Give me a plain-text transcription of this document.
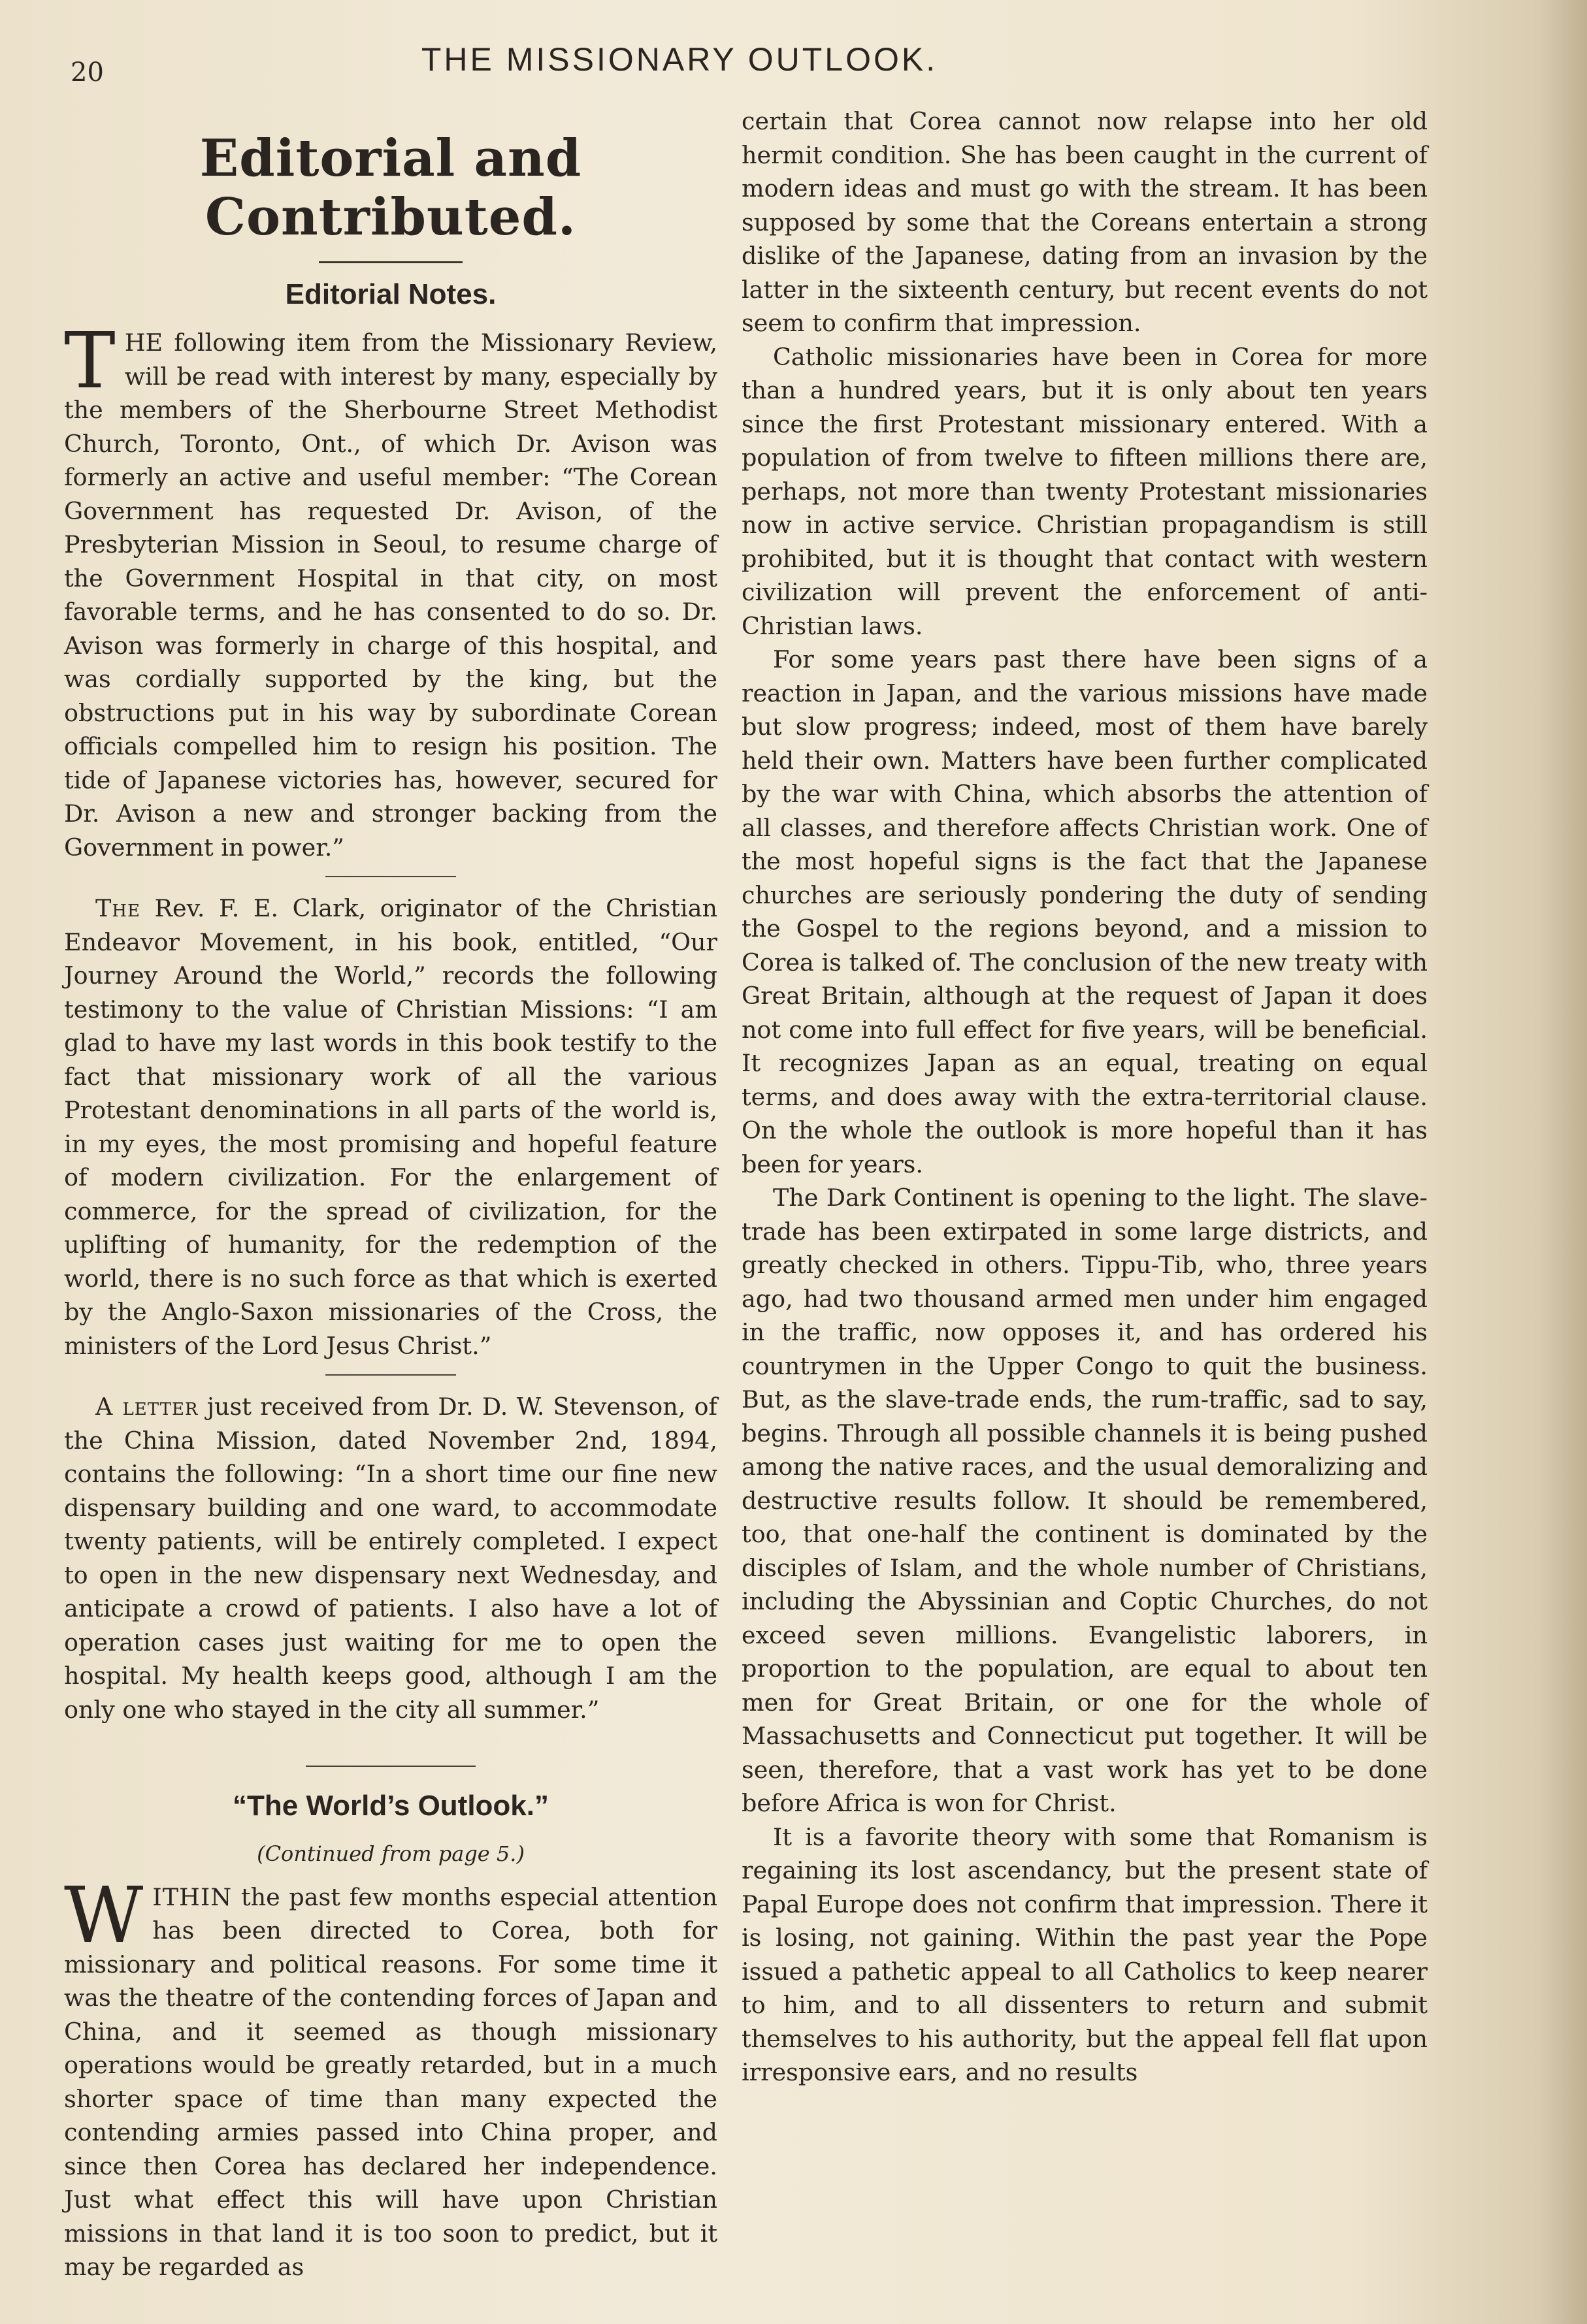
20	THE MISSIONARY OUTLOOK.
Editorial and Contributed.
Editorial Notes.

THE following item from the Missionary Review, will be read with interest by many, especially by the members of the Sherbourne Street Methodist Church, Toronto, Ont., of which Dr. Avison was formerly an active and useful member: “The Corean Government has requested Dr. Avison, of the Presbyterian Mission in Seoul, to resume charge of the Government Hospital in that city, on most favorable terms, and he has consented to do so. Dr. Avison was formerly in charge of this hospital, and was cordially supported by the king, but the obstructions put in his way by subordinate Corean officials compelled him to resign his position. The tide of Japanese victories has, however, secured for Dr. Avison a new and stronger backing from the Government in power.”

The Rev. F. E. Clark, originator of the Christian Endeavor Movement, in his book, entitled, “Our Journey Around the World,” records the following testimony to the value of Christian Missions: “I am glad to have my last words in this book testify to the fact that missionary work of all the various Protestant denominations in all parts of the world is, in my eyes, the most promising and hopeful feature of modern civilization. For the enlargement of commerce, for the spread of civilization, for the uplifting of humanity, for the redemption of the world, there is no such force as that which is exerted by the Anglo-Saxon missionaries of the Cross, the ministers of the Lord Jesus Christ.”

A letter just received from Dr. D. W. Stevenson, of the China Mission, dated November 2nd, 1894, contains the following: “In a short time our fine new dispensary building and one ward, to accommodate twenty patients, will be entirely completed. I expect to open in the new dispensary next Wednesday, and anticipate a crowd of patients. I also have a lot of operation cases just waiting for me to open the hospital. My health keeps good, although I am the only one who stayed in the city all summer.”

“The World’s Outlook.”
(Continued from page 5.)

WITHIN the past few months especial attention has been directed to Corea, both for missionary and political reasons. For some time it was the theatre of the contending forces of Japan and China, and it seemed as though missionary operations would be greatly retarded, but in a much shorter space of time than many expected the contending armies passed into China proper, and since then Corea has declared her independence. Just what effect this will have upon Christian missions in that land it is too soon to predict, but it may be regarded as

certain that Corea cannot now relapse into her old hermit condition. She has been caught in the current of modern ideas and must go with the stream. It has been supposed by some that the Coreans entertain a strong dislike of the Japanese, dating from an invasion by the latter in the sixteenth century, but recent events do not seem to confirm that impression.

Catholic missionaries have been in Corea for more than a hundred years, but it is only about ten years since the first Protestant missionary entered. With a population of from twelve to fifteen millions there are, perhaps, not more than twenty Protestant missionaries now in active service. Christian propagandism is still prohibited, but it is thought that contact with western civilization will prevent the enforcement of anti-Christian laws.

For some years past there have been signs of a reaction in Japan, and the various missions have made but slow progress; indeed, most of them have barely held their own. Matters have been further complicated by the war with China, which absorbs the attention of all classes, and therefore affects Christian work. One of the most hopeful signs is the fact that the Japanese churches are seriously pondering the duty of sending the Gospel to the regions beyond, and a mission to Corea is talked of. The conclusion of the new treaty with Great Britain, although at the request of Japan it does not come into full effect for five years, will be beneficial. It recognizes Japan as an equal, treating on equal terms, and does away with the extra-territorial clause. On the whole the outlook is more hopeful than it has been for years.

The Dark Continent is opening to the light. The slave-trade has been extirpated in some large districts, and greatly checked in others. Tippu-Tib, who, three years ago, had two thousand armed men under him engaged in the traffic, now opposes it, and has ordered his countrymen in the Upper Congo to quit the business. But, as the slave-trade ends, the rum-traffic, sad to say, begins. Through all possible channels it is being pushed among the native races, and the usual demoralizing and destructive results follow. It should be remembered, too, that one-half the continent is dominated by the disciples of Islam, and the whole number of Christians, including the Abyssinian and Coptic Churches, do not exceed seven millions. Evangelistic laborers, in proportion to the population, are equal to about ten men for Great Britain, or one for the whole of Massachusetts and Connecticut put together. It will be seen, therefore, that a vast work has yet to be done before Africa is won for Christ.

It is a favorite theory with some that Romanism is regaining its lost ascendancy, but the present state of Papal Europe does not confirm that impression. There it is losing, not gaining. Within the past year the Pope issued a pathetic appeal to all Catholics to keep nearer to him, and to all dissenters to return and submit themselves to his authority, but the appeal fell flat upon irresponsive ears, and no results
